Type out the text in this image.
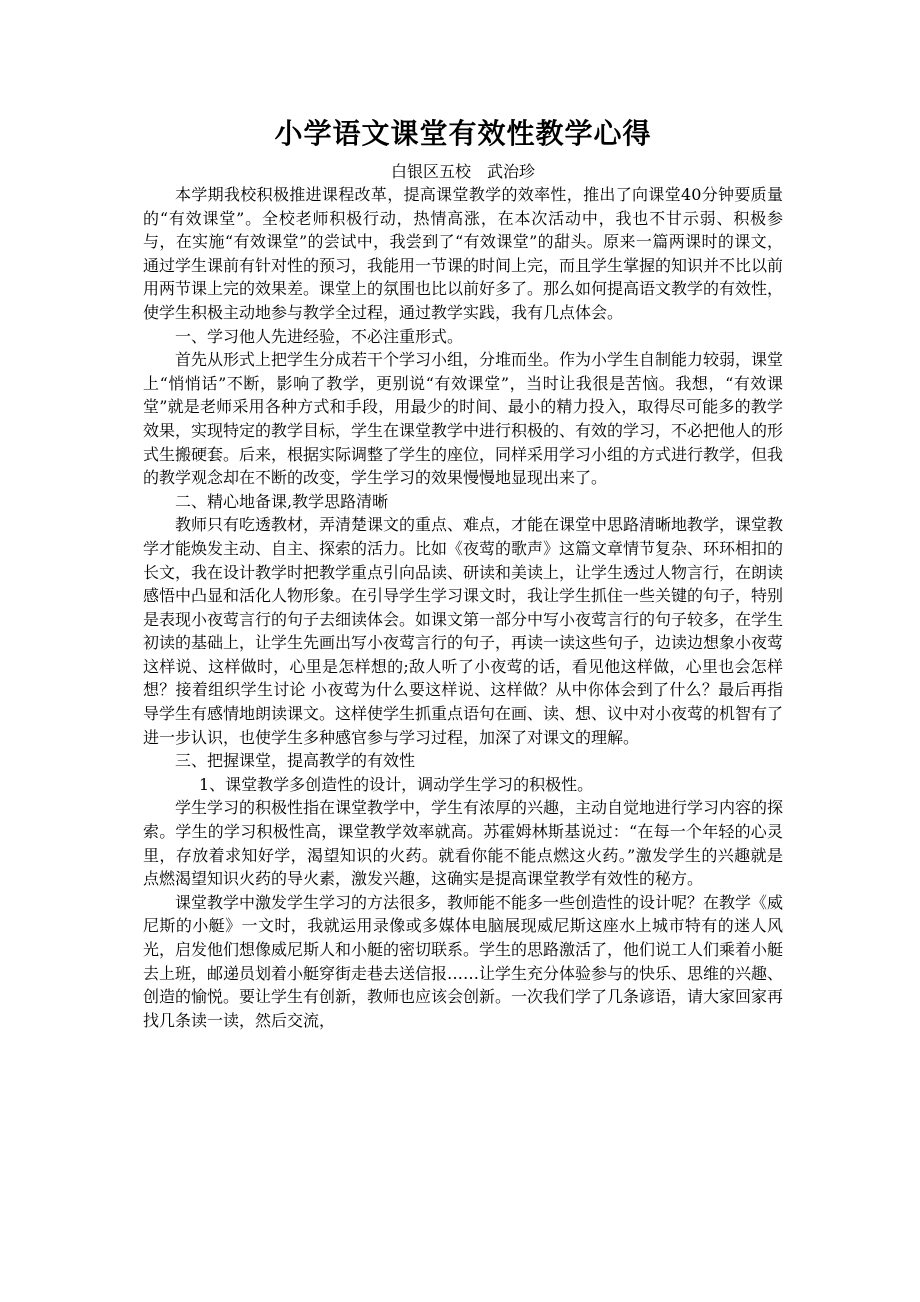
小学语文课堂有效性教学心得
白银区五校　武治珍

本学期我校积极推进课程改革，提高课堂教学的效率性，推出了向课堂40分钟要质量的“有效课堂”。全校老师积极行动，热情高涨，在本次活动中，我也不甘示弱、积极参与，在实施“有效课堂”的尝试中，我尝到了“有效课堂”的甜头。原来一篇两课时的课文，通过学生课前有针对性的预习，我能用一节课的时间上完，而且学生掌握的知识并不比以前用两节课上完的效果差。课堂上的氛围也比以前好多了。那么如何提高语文教学的有效性，使学生积极主动地参与教学全过程，通过教学实践，我有几点体会。

一、学习他人先进经验，不必注重形式。

首先从形式上把学生分成若干个学习小组，分堆而坐。作为小学生自制能力较弱，课堂上“悄悄话”不断，影响了教学，更别说“有效课堂”，当时让我很是苦恼。我想，“有效课堂”就是老师采用各种方式和手段，用最少的时间、最小的精力投入，取得尽可能多的教学效果，实现特定的教学目标，学生在课堂教学中进行积极的、有效的学习，不必把他人的形式生搬硬套。后来，根据实际调整了学生的座位，同样采用学习小组的方式进行教学，但我的教学观念却在不断的改变，学生学习的效果慢慢地显现出来了。

二、精心地备课,教学思路清晰

教师只有吃透教材，弄清楚课文的重点、难点，才能在课堂中思路清晰地教学，课堂教学才能焕发主动、自主、探索的活力。比如《夜莺的歌声》这篇文章情节复杂、环环相扣的长文，我在设计教学时把教学重点引向品读、研读和美读上，让学生透过人物言行，在朗读感悟中凸显和活化人物形象。在引导学生学习课文时，我让学生抓住一些关键的句子，特别是表现小夜莺言行的句子去细读体会。如课文第一部分中写小夜莺言行的句子较多，在学生初读的基础上，让学生先画出写小夜莺言行的句子，再读一读这些句子，边读边想象小夜莺这样说、这样做时，心里是怎样想的;敌人听了小夜莺的话，看见他这样做，心里也会怎样想？接着组织学生讨论 小夜莺为什么要这样说、这样做？从中你体会到了什么？最后再指导学生有感情地朗读课文。这样使学生抓重点语句在画、读、想、议中对小夜莺的机智有了进一步认识，也使学生多种感官参与学习过程，加深了对课文的理解。

三、把握课堂，提高教学的有效性

1、课堂教学多创造性的设计，调动学生学习的积极性。

学生学习的积极性指在课堂教学中，学生有浓厚的兴趣，主动自觉地进行学习内容的探索。学生的学习积极性高，课堂教学效率就高。苏霍姆林斯基说过：“在每一个年轻的心灵里，存放着求知好学，渴望知识的火药。就看你能不能点燃这火药。”激发学生的兴趣就是点燃渴望知识火药的导火素，激发兴趣，这确实是提高课堂教学有效性的秘方。

课堂教学中激发学生学习的方法很多，教师能不能多一些创造性的设计呢？在教学《威尼斯的小艇》一文时，我就运用录像或多媒体电脑展现威尼斯这座水上城市特有的迷人风光，启发他们想像威尼斯人和小艇的密切联系。学生的思路激活了，他们说工人们乘着小艇去上班，邮递员划着小艇穿街走巷去送信报……让学生充分体验参与的快乐、思维的兴趣、创造的愉悦。要让学生有创新，教师也应该会创新。一次我们学了几条谚语，请大家回家再找几条读一读，然后交流，
